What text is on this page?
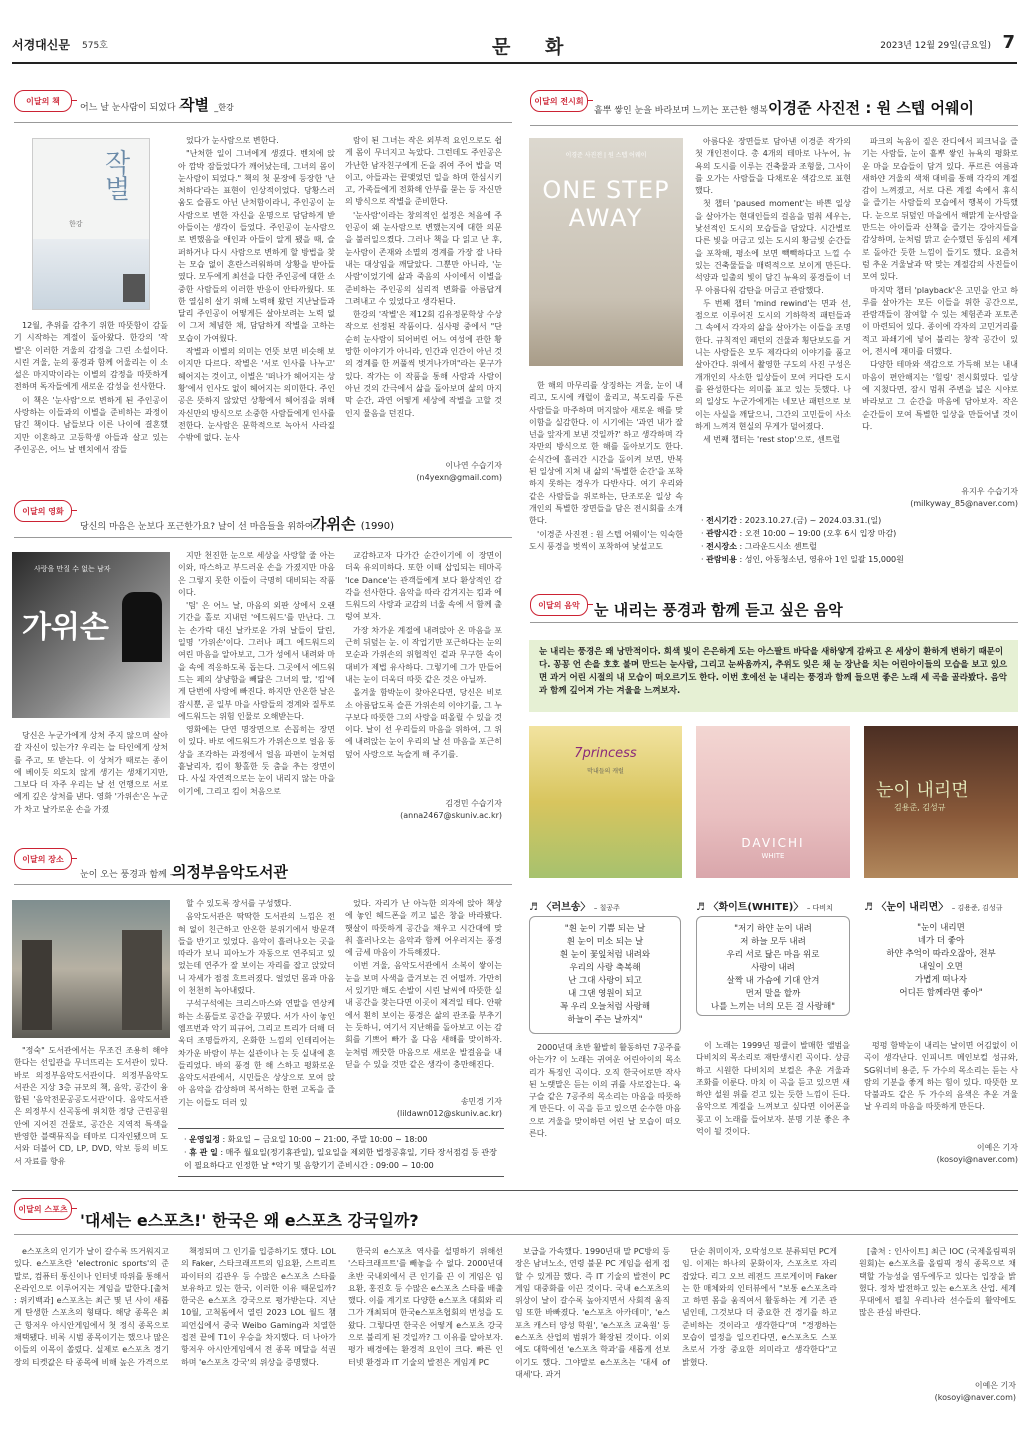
서경대신문 575호	문 화	2023년 12월 29일(금요일) 7
이달의 책
어느 날 눈사람이 되었다 –
작별 _한강
작별
한강

12월, 추위를 감추기 위한 따뜻함이 감돌기 시작하는 계절이 돌아왔다. 한강의 '작별'은 이러한 겨울의 감정을 그린 소설이다. 시린 겨울, 눈의 풍경과 함께 어울리는 이 소설은 마지막이라는 이별의 감정을 따뜻하게 전하며 독자들에게 새로운 감성을 선사한다.

이 책은 '눈사람'으로 변하게 된 주인공이 사랑하는 이들과의 이별을 준비하는 과정이 담긴 책이다. 남들보다 이른 나이에 결혼했지만 이혼하고 고등학생 아들과 살고 있는 주인공은, 어느 날 벤치에서 잠들

었다가 눈사람으로 변한다.

"난처한 일이 그녀에게 생겼다. 벤치에 앉아 깜박 잠들었다가 깨어났는데, 그녀의 몸이 눈사람이 되었다." 책의 첫 문장에 등장한 '난처하다'라는 표현이 인상적이었다. 당황스러움도 슬픔도 아닌 난처함이라니, 주인공이 눈사람으로 변한 자신을 운명으로 담담하게 받아들이는 생각이 들었다. 주인공이 눈사람으로 변했음을 애인과 아들이 알게 됐을 때, 슬퍼하거나 다시 사람으로 변하게 할 방법을 찾는 모습 없이 흔란스러워하며 상황을 받아들였다. 모두에게 최선을 다한 주인공에 대한 소중한 사람들의 이러한 반응이 안타까웠다. 또한 열심히 살기 위해 노력해 왔던 지난날들과 달리 주인공이 어떻게든 살아보려는 노력 없이 그저 체념한 채, 담담하게 작별을 고하는 모습이 가여웠다.

작별과 이별의 의미는 언뜻 보면 비슷해 보이지만 다르다. 작별은 '서로 인사를 나누고' 헤어지는 것이고, 이별은 '떠나가 헤어지는 상황'에서 인사도 없이 헤어지는 의미한다. 주인공은 뜻하지 않았던 상황에서 헤어짐을 위해 자신만의 방식으로 소중한 사람들에게 인사를 전한다. 눈사람은 문학적으로 녹아서 사라질 수밖에 없다. 눈사

람이 된 그녀는 작은 외부적 요인으로도 쉽게 몸이 무너지고 녹았다. 그런데도 주인공은 가난한 남자친구에게 돈을 쥐여 주어 밥을 먹이고, 아들과는 끝맺었던 일을 하며 한심시키고, 가족들에게 전화해 안부를 묻는 등 자신만의 방식으로 작별을 준비한다.

'눈사람'이라는 창의적인 설정은 처음에 주인공이 왜 눈사람으로 변했는지에 대한 의문을 불러일으켰다. 그러나 책을 다 읽고 난 후, 눈사람이 존재와 소멸의 경계를 가장 잘 나타내는 대상임을 깨달았다. 그뿐만 아니라, '눈사람'이었기에 삶과 죽음의 사이에서 이별을 준비하는 주인공의 심리적 변화를 아름답게 그려내고 수 있었다고 생각된다.

한강의 '작별'은 제12회 김유정문학상 수상작으로 선정된 작품이다. 심사평 중에서 "단순히 눈사람이 되어버린 어느 여성에 관한 황망한 이야기가 아니라, 인간과 인간이 아닌 것의 경계를 한 꺼풀씩 벗겨나가며"라는 문구가 있다. 작가는 이 작품을 통해 사람과 사람이 아닌 것의 간극에서 삶을 돌아보며 삶의 마지막 순간, 과연 어떻게 세상에 작별을 고할 것인지 물음을 던진다.

이나연 수습기자
(n4yexn@gmail.com)
이달의 영화
당신의 마음은 눈보다 포근한가요? 날이 선 마음들을 위하여… –
가위손 (1990)
사랑을 만질 수 없는 남자
가위손

당신은 누군가에게 상처 주지 않으며 살아갈 자신이 있는가? 우리는 늘 타인에게 상처를 주고, 또 받는다. 이 상처가 때로는 종이에 베이듯 의도치 않게 생기는 생채기지만, 그보다 더 자주 우리는 날 선 언행으로 서로에게 깊은 상처를 낸다. 영화 '가위손'은 누군가 차고 날카로운 손을 가졌

지만 천진한 눈으로 세상을 사랑할 줄 아는 이와, 따스하고 부드러운 손을 가졌지만 마음은 그렇지 못한 이들이 극명히 대비되는 작품이다.

'팀' 은 어느 날, 마음의 외판 상에서 오랜 기간을 홀로 지내던 '에드워드'를 만난다. 그는 손가락 대신 날카로운 가위 날들이 달린, 일명 '가위손'이다. 그러나 페그 에드워드의 여린 마음을 알아보고, 그가 성에서 내려와 마을 속에 적응하도록 돕는다. 그곳에서 에드워드는 페의 상냥함을 빼닮은 그녀의 딸, '킴'에게 단번에 사랑에 빠진다. 하지만 안온한 날은 잠시뿐, 곧 일부 마을 사람들의 경계와 질투로 에드워드는 위험 인물로 오해받는다.

영화에는 단연 명장면으로 손꼽히는 장면이 있다. 바로 에드워드가 가위손으로 얼음 동상을 조각하는 과정에서 얼음 파편이 눈처럼 흩날리자, 킴이 황홀한 듯 춤을 추는 장면이다. 사실 자연적으로는 눈이 내리지 않는 마을이기에, 그리고 킴이 처음으로

교감하고자 다가간 순간이기에 이 장면이 더욱 유의미하다. 또한 이때 삽입되는 테마곡 'Ice Dance'는 관객들에게 보다 환상적인 감각을 선사한다. 음악을 따라 감겨지는 킴과 에드워드의 사랑과 교감의 너울 속에 서 함께 출렁여 보자.

가장 차가운 계절에 내려앉아 온 마음을 포근히 뒤덮는 눈. 이 작업기만 포근하다는 눈의 모순과 가위손의 위협적인 겉과 무구한 속이 대비가 제법 유사하다. 그렇기에 그가 만들어 내는 눈이 더욱더 따뜻 같은 것은 아닐까.

올겨울 함박눈이 찾아온다면, 당신은 비로소 아름답도록 슬픈 가위손의 이야기를, 그 누구보다 따뜻한 그의 사랑을 떠올릴 수 있을 것이다. 날이 선 우리들의 마음을 위하여, 그 위에 내려앉는 눈이 우리의 날 선 마음을 포근히 덮어 사랑으로 녹슬게 해 주기를.

김경민 수습기자
(anna2467@skuniv.ac.kr)
이달의 장소
눈이 오는 풍경과 함께 –
의정부음악도서관

"정숙" 도서관에서는 무조건 조용히 해야 한다는 선입관을 무너뜨리는 도서관이 있다. 바로 의정부음악도서관이다. 의정부음악도서관은 지상 3층 규모의 책, 음악, 공간이 융합된 '음악전문공공도서관'이다. 음악도서관은 의정부시 신곡동에 위치한 정당 근린공원 안에 지어진 건물로, 공간은 지역적 특색을 반영한 블랙뮤직을 테마로 디자인됐으며 도서와 더불어 CD, LP, DVD, 악보 등의 비도서 자료를 향유

할 수 있도록 장서를 구성했다.

음악도서관은 딱딱한 도서관의 느낌은 전혀 없이 친근하고 안온한 분위기에서 방문객들을 반기고 있었다. 음악이 흘러나오는 곳을 따라가 보니 피아노가 자동으로 연주되고 있었는데 연주가 잘 보이는 자리를 잡고 앉았더니 자세가 점점 흐트러졌다. 얼었던 몸과 마음이 천천히 녹아내렸다.

구석구석에는 크리스마스와 연말을 연상케 하는 소품들로 공간을 꾸몄다. 서가 사이 놓인 엠프번과 악기 피규어, 그리고 트리가 더해 더욱더 조명들까지, 온화한 느낌의 인테리어는 차가운 바람이 부는 실관이나 는 듯 실내에 흔들리었다. 바의 풍경 한 해 스하고 평화로운 음악도서관에서, 시민들은 상상으로 모여 앉아 음악을 감상하며 복서하는 한편 고독을 즐기는 이들도 더러 있

었다. 자리가 난 아늑한 의자에 앉아 책상에 놓인 헤드폰을 끼고 넓은 창을 바라봤다. 햇살이 따뜻하게 공간을 채우고 시간대에 맞춰 흘러나오는 음악과 함께 어우러지는 풍경에 금세 마음이 가득해졌다.

이번 겨울, 음악도서관에서 소복이 쌓이는 눈을 보며 사색을 즐겨보는 건 어떨까. 가만히 서 있기만 해도 손발이 시린 날씨에 따뜻한 실내 공간을 찾는다면 이곳이 제격일 테다. 안팎에서 흰히 보이는 풍경은 삶의 관조를 부추기는 듯하니, 여기서 지난해를 돌아보고 이는 감회를 기쁘어 빠가 올 다음 새해를 맞이하자. 눈처럼 깨끗한 마음으로 새로운 발걸음을 내딛을 수 있을 것만 같은 생각이 충만해진다.

송민경 기자
(lildawn012@skuniv.ac.kr)
· 운영일정 : 화요일 ~ 금요일 10:00 ~ 21:00, 주말 10:00 ~ 18:00
· 휴 관 일 : 매주 월요일(정기휴관일), 일요일을 제외한 법정공휴일, 기타 장서점검 등 관장이 필요하다고 인정한 날 *악기 및 음향기기 준비시간 : 09:00 ~ 10:00
이달의 전시회
흩뿌 쌓인 눈을 바라보며 느끼는 포근한 행복 –
이경준 사진전 : 원 스텝 어웨이
이경준 사진전 | 원 스텝 어웨이
ONE STEP
AWAY

한 해의 마무리를 상징하는 겨울, 눈이 내리고, 도시에 캐럴이 울리고, 복도리를 두른 사람들을 마주하며 머지않아 새로운 해를 맞이함을 실감한다. 이 시기에는 '과연 내가 잘 넌을 앞자게 보낸 것일까?' 하고 생각하며 각자만의 방식으로 한 해를 돌아보기도 한다. 순식간에 흘러간 시간을 돌이켜 보면, 반복된 일상에 지쳐 내 삶의 '특별한 순간'을 포착하지 못하는 경우가 다반사다. 여기 우리와 같은 사람들을 위로하는, 단조로운 일상 속 개인의 특별한 장면들을 담은 전시회를 소개한다.

'이경준 사진전 : 원 스텝 어웨이'는 익숙한 도시 풍경을 벗씩이 포착하여 낯설고도

아름다운 장면들로 담아낸 이경준 작가의 첫 개인전이다. 총 4개의 테마로 나누어, 뉴욕의 도시를 이루는 건축물과 조형물, 그사이를 오가는 사람들을 다채로운 색감으로 표현했다.

첫 챕터 'paused moment'는 바쁜 일상을 살아가는 현대인들의 걸음을 멈춰 세우는, 낯선적인 도시의 모습들을 담았다. 시간별로 다른 빛을 머금고 있는 도시의 황금빛 순간들을 포착해, 평소에 보면 빽빽하다고 느낄 수 있는 건축물들을 매력적으로 보이게 만든다. 석양과 일출의 빛이 담긴 뉴욕의 풍경들이 너무 아름다워 감탄을 머금고 관람했다.

두 번째 챕터 'mind rewind'는 면과 선, 점으로 이루어진 도시의 기하학적 패턴들과 그 속에서 각자의 삶을 살아가는 이들을 조명한다. 규칙적인 패턴의 건물과 횡단보도를 거니는 사람들은 모두 제각다의 이야기를 품고 살아간다. 위에서 촬영한 구도의 사진 구성은 개개인의 사소한 일상들이 모여 커다란 도시를 완성한다는 의미를 표고 있는 듯했다. 나의 일상도 누군가에게는 네모난 패턴으로 보이는 사실을 깨달으니, 그간의 고민들이 사소하게 느껴져 현실의 무게가 덜어졌다.

세 번째 챕터는 'rest stop'으로, 센트럴

파크의 녹음이 짙은 잔디에서 피크닉을 즐기는 사람들, 눈이 흩뿌 쌓인 뉴욕의 평화로운 마을 모습들이 담겨 있다. 푸르른 여름과 새하얀 겨울의 색채 대비를 통해 각각의 계절감이 느껴졌고, 서로 다른 계절 속에서 휴식을 즐기는 사람들의 모습에서 행복이 가득했다. 눈으로 뒤덮인 마을에서 해맑게 눈사람을 만드는 아이들과 산책을 즐기는 강아지들을 감상하며, 눈처럼 맑고 순수했던 동심의 세계로 돌아간 듯한 느낌이 들기도 했다. 요즘처럼 추운 겨울날과 딱 맞는 계절감의 사진들이 모여 있다.

마지막 챕터 'playback'은 고민을 안고 하루를 살아가는 모든 이들을 위한 공간으로, 관람객들이 참여할 수 있는 체험존과 포토존이 마련되어 있다. 종이에 각자의 고민거리를 적고 파쇄기에 넣어 불리는 창작 공간이 있어, 전시에 재미를 더했다.

다양한 테마와 색감으로 가득해 보는 내내 마음이 편안해지는 '힐링' 전시회였다. 일상에 지쳤다면, 잠시 멈춰 주변을 넓은 시야로 바라보고 그 순간을 마음에 담아보자. 작은 순간들이 모여 특별한 일상을 만들어낼 것이다.

유지우 수습기자
(milkyway_85@naver.com)
· 전시기간 : 2023.10.27.(금) ~ 2024.03.31.(일)
· 관람시간 : 오전 10:00 ~ 19:00 (오후 6시 입장 마감)
· 전시장소 : 그라운드시소 센트럴
· 관람비용 : 성인, 아동청소년, 영유아 1인 일괄 15,000원
이달의 음악 눈 내리는 풍경과 함께 듣고 싶은 음악
눈 내리는 풍경은 왜 낭만적이다. 회색 빛이 은은하게 도는 아스팔트 바닥을 새하얗게 감싸고 온 세상이 환하게 변하기 때문이다. 꽁꽁 언 손을 호호 불며 만드는 눈사람, 그리고 눈싸움까지, 추위도 잊은 채 눈 장난을 치는 어린아이들의 모습을 보고 있으면 과거 어린 시절의 내 모습이 떠오르기도 한다. 이번 호에선 눈 내리는 풍경과 함께 들으면 좋은 노래 세 곡을 골라봤다. 음악과 함께 깊어져 가는 겨울을 느껴보자.
7princess
막내들의 캐럴
DAVICHI
WHITE
눈이 내리면
김용준, 김성규
♬ 〈러브송〉 – 칠공주
"흰 눈이 기쁨 되는 날
흰 눈이 미소 되는 날
흰 눈이 꽃잎처럼 내려와
우리의 사랑 축복해
난 그대 사랑이 되고
내 그댄 영원이 되고
꼭 우리 오늘처럼 사랑해
하늘이 주는 날까지"

2000년대 초반 활발히 활동하던 7공주를 아는가? 이 노래는 귀여운 어린아이의 목소리가 특징인 곡이다. 오직 한국어로만 작사 된 노랫말은 듣는 이의 귀를 사로잡는다. 육구슬 같은 7공주의 목소리는 마음을 따뜻하게 만든다. 이 곡을 듣고 있으면 순수한 마음으로 겨울을 맞이하던 어린 날 모습이 떠오른다.

♬ 〈화이트(WHITE)〉 – 다비치
"저기 하얀 눈이 내려
저 하늘 모두 내려
우리 서로 닮은 마음 위로
사랑이 내려
살짝 내 가슴에 기대 안겨
먼저 말을 할까
나를 느끼는 너의 모든 걸 사랑해"

이 노래는 1999년 핑클이 발매한 앨범을 다비치의 목소리로 재탄생시킨 곡이다. 상큼하고 시원한 다비치의 보컬은 추운 겨울과 조화를 이룬다. 마치 이 곡을 듣고 있으면 새하얀 설원 위를 걷고 있는 듯한 느낌이 든다. 음악으로 계절을 느껴보고 싶다면 이어폰을 꽂고 이 노래를 들어보자. 분명 기분 좋은 추억이 될 것이다.

♬ 〈눈이 내리면〉 – 김용준, 김성규
"눈이 내리면
네가 더 좋아
하얀 추억이 따라오잖아, 전부
내일이 오면
가볍게 떠나자
어디든 함께라면 좋아"

펑펑 함박눈이 내리는 날이면 어김없이 이 곡이 생각난다. 인피니트 메인보컬 성규와, SG워너비 용준, 두 가수의 목소리는 듣는 사람의 기분을 좋게 하는 힘이 있다. 따뜻한 모닥불과도 같은 두 가수의 음색은 추운 겨울날 우리의 마음을 따뜻하게 만든다.

이예은 기자
(kosoyi@naver.com)
이달의 스포츠
'대세는 e스포츠!' 한국은 왜 e스포츠 강국일까?

e스포츠의 인기가 날이 갈수록 뜨거워지고 있다. e스포츠란 'electronic sports'의 준말로, 컴퓨터 통신이나 인터넷 따위를 통해서 온라인으로 이루어지는 게임을 말한다.[출처 : 위키백과] e스포츠는 최근 몇 년 사이 새롭게 탄생한 스포츠의 형태다. 해당 종목은 최근 항저우 아시안게임에서 첫 정식 종목으로 채택됐다. 비록 시범 종목이기는 했으나 많은 이들의 이목이 쏠렸다. 실제로 e스포츠 경기장의 티켓값은 타 종목에 비해 높은 가격으로

책정되며 그 인기를 입증하기도 했다. LOL의 Faker, 스타크래프트의 임요환, 스트리트 파이터의 김관우 등 수많은 e스포츠 스타를 보유하고 있는 한국, 이러한 이유 때문일까? 한국은 e스포츠 강국으로 평가받는다. 지난 10월, 고척돔에서 열린 2023 LOL 월드 챔피언십에서 중국 Weibo Gaming과 치열한 접전 끝에 T1이 우승을 차지했다. 더 나아가 항저우 아시안게임에서 전 종목 메달을 석권하며 'e스포츠 강국'의 위상을 증명했다.

한국의 e스포츠 역사를 설명하기 위해선 '스타크래프트'를 빼놓을 수 없다. 2000년대 초반 국내외에서 큰 인기를 끈 이 게임은 임요환, 홍진호 등 수많은 e스포츠 스타를 배출했다. 이를 계기로 다양한 e스포츠 대회와 리그가 개최되며 한국e스포츠협회의 번성을 도왔다. 그렇다면 한국은 어떻게 e스포츠 강국으로 불리게 된 것일까? 그 이유를 알아보자. 평가 배경에는 환경적 요인이 크다. 빠른 인터넷 환경과 IT 기술의 발전은 게임계 PC

보급을 가속했다. 1990년대 말 PC방의 등장은 남녀노소, 연령 불문 PC 게임을 쉽게 접할 수 있게끔 했다. 즉 IT 기술의 발전이 PC게임 대중화를 이끈 것이다. 국내 e스포츠의 위상이 날이 갈수록 높아지면서 사회적 움직임 또한 바빠졌다. 'e스포츠 아카데미', 'e스포츠 캐스터 양성 학원', 'e스포츠 교육원' 등 e스포츠 산업의 범위가 확장된 것이다. 이외에도 대학에선 'e스포츠 학과'를 새롭게 선보이기도 했다. 그야말로 e스포츠는 '대세 of 대세'다. 과거

단순 취미이자, 오락성으로 분류되던 PC게임. 이제는 하나의 문화이자, 스포츠로 자리 잡았다. 리그 오브 레전드 프로게이머 Faker는 한 매체와의 인터뷰에서 "보통 e스포츠라고 하면 몸을 움직여서 활동하는 게 기존 관념인데, 그것보다 더 중요한 건 경기를 하고 준비하는 것이라고 생각한다"며 "경쟁하는 모습이 열정을 일으킨다면, e스포츠도 스포츠로서 가장 중요한 의미라고 생각한다"고 밝혔다.

[출처 : 인사이트] 최근 IOC (국제올림픽위원회)는 e스포츠를 올림픽 정식 종목으로 채택할 가능성을 염두에두고 있다는 입장을 밝혔다. 정차 발전하고 있는 e스포츠 산업. 세계 무대에서 펼칠 우리나라 선수들의 활약에도 많은 관심 바란다.

이예은 기자
(kosoyi@naver.com)
